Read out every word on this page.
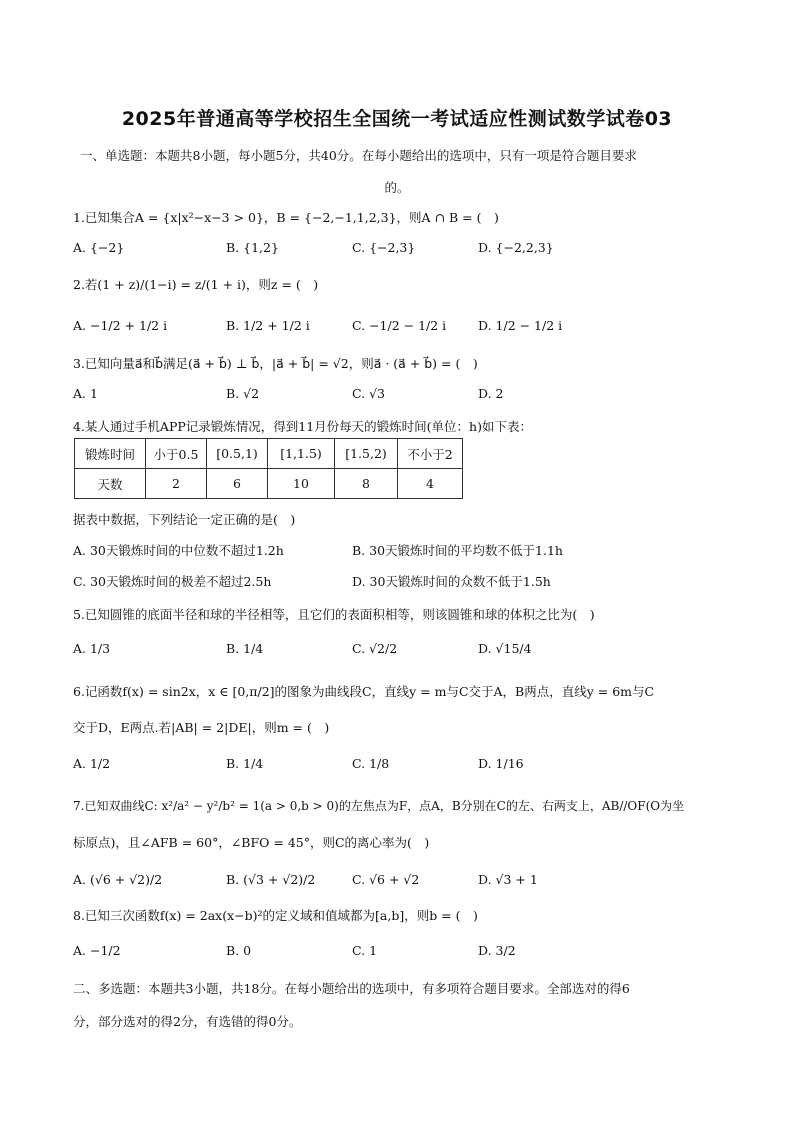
2025年普通高等学校招生全国统一考试适应性测试数学试卷03
一、单选题：本题共8小题，每小题5分，共40分。在每小题给出的选项中，只有一项是符合题目要求
的。
1.已知集合A = {x|x²−x−3 > 0}，B = {−2,−1,1,2,3}，则A ∩ B = (　)
A. {−2}	B. {1,2}	C. {−2,3}	D. {−2,2,3}
2.若(1 + z)/(1−i) = z/(1 + i)，则z = (　)
A. −1/2 + 1/2 i	B. 1/2 + 1/2 i	C. −1/2 − 1/2 i	D. 1/2 − 1/2 i
3.已知向量a⃗和b⃗满足(a⃗ + b⃗) ⊥ b⃗，|a⃗ + b⃗| = √2，则a⃗ · (a⃗ + b⃗) = (　)
A. 1	B. √2	C. √3	D. 2
4.某人通过手机APP记录锻炼情况，得到11月份每天的锻炼时间(单位：h)如下表：
锻炼时间	小于0.5	[0.5,1)	[1,1.5)	[1.5,2)	不小于2
天数	2	6	10	8	4
据表中数据，下列结论一定正确的是(　)
A. 30天锻炼时间的中位数不超过1.2h	B. 30天锻炼时间的平均数不低于1.1h
C. 30天锻炼时间的极差不超过2.5h	D. 30天锻炼时间的众数不低于1.5h
5.已知圆锥的底面半径和球的半径相等，且它们的表面积相等，则该圆锥和球的体积之比为(　)
A. 1/3	B. 1/4	C. √2/2	D. √15/4
6.记函数f(x) = sin2x，x ∈ [0,π/2]的图象为曲线段C，直线y = m与C交于A，B两点，直线y = 6m与C
交于D，E两点.若|AB| = 2|DE|，则m = (　)
A. 1/2	B. 1/4	C. 1/8	D. 1/16
7.已知双曲线C: x²/a² − y²/b² = 1(a > 0,b > 0)的左焦点为F，点A，B分别在C的左、右两支上，AB//OF(O为坐
标原点)，且∠AFB = 60°，∠BFO = 45°，则C的离心率为(　)
A. (√6 + √2)/2	B. (√3 + √2)/2	C. √6 + √2	D. √3 + 1
8.已知三次函数f(x) = 2ax(x−b)²的定义域和值域都为[a,b]，则b = (　)
A. −1/2	B. 0	C. 1	D. 3/2
二、多选题：本题共3小题，共18分。在每小题给出的选项中，有多项符合题目要求。全部选对的得6
分，部分选对的得2分，有选错的得0分。
